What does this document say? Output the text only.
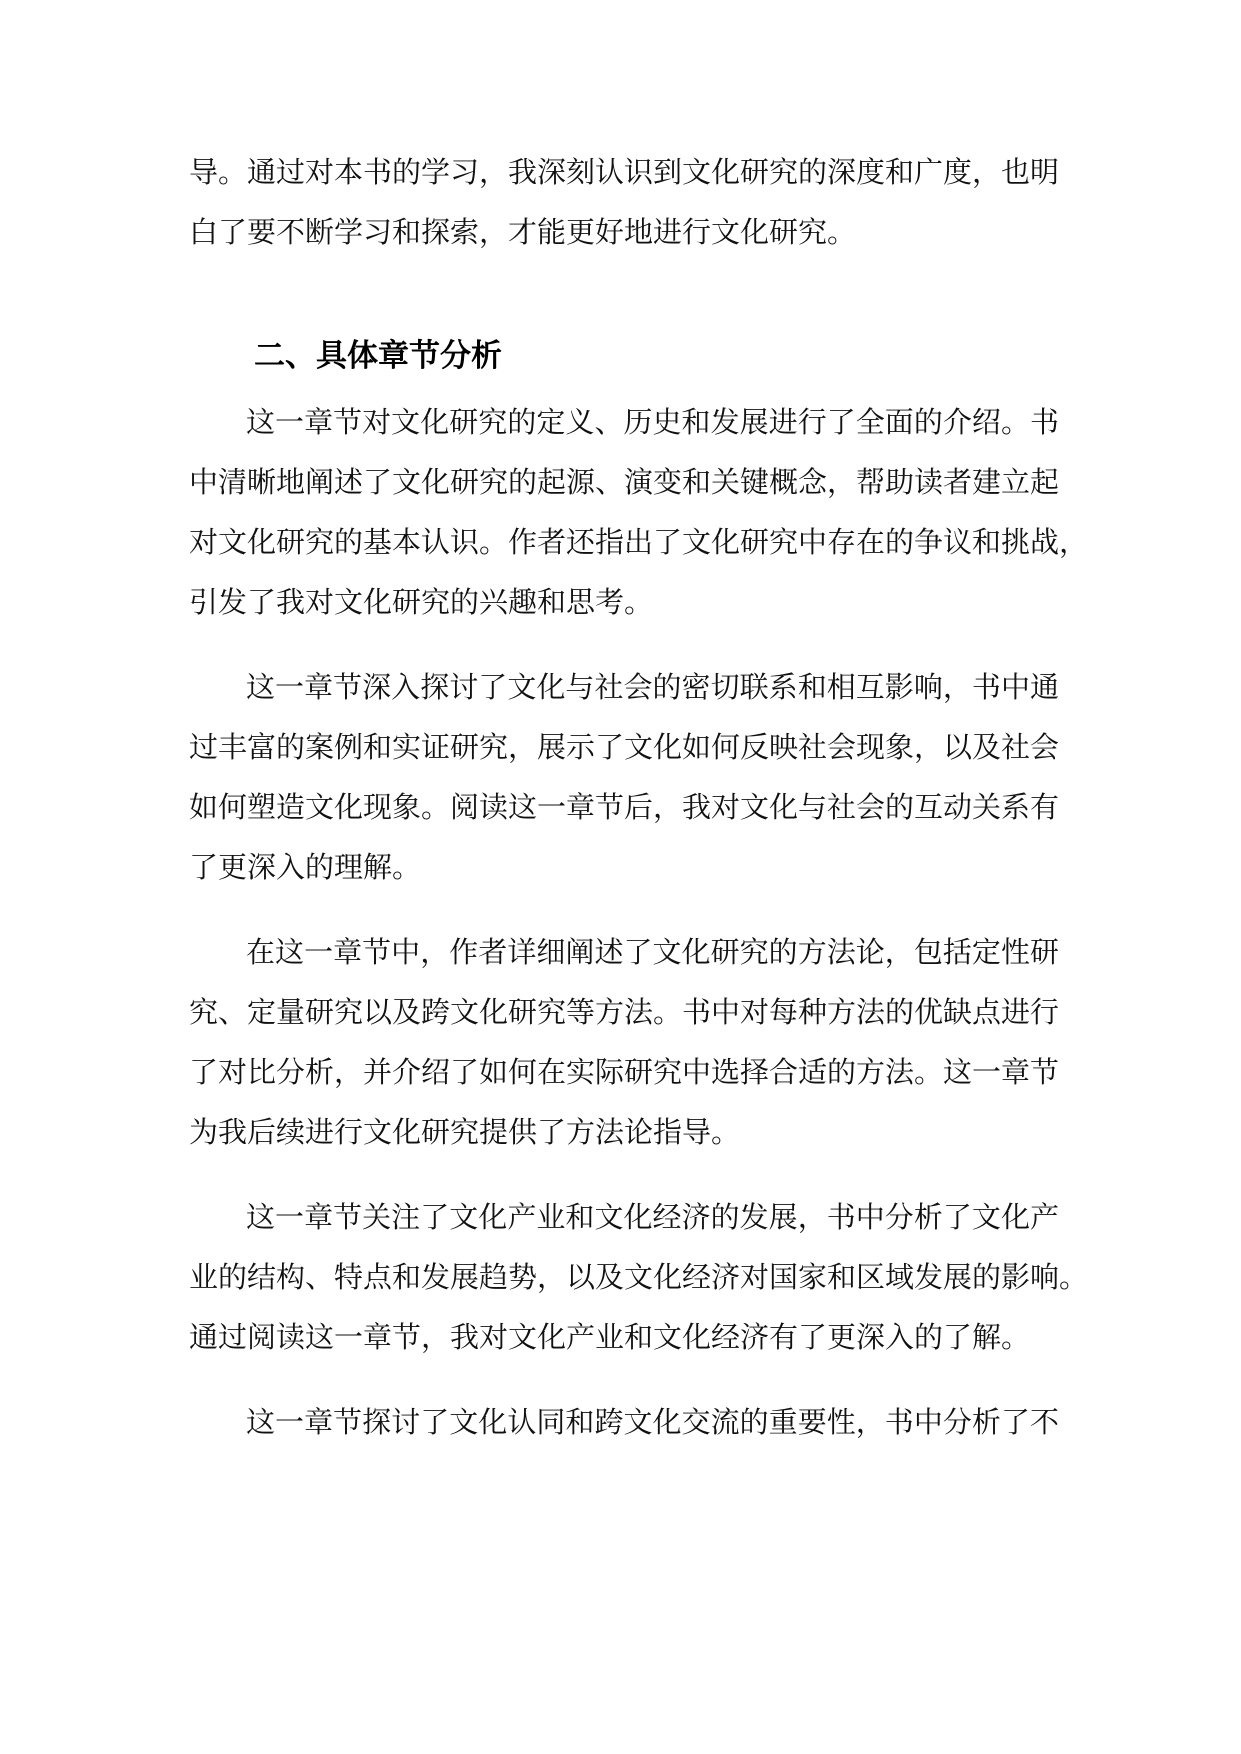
导。通过对本书的学习，我深刻认识到文化研究的深度和广度，也明
白了要不断学习和探索，才能更好地进行文化研究。
二、具体章节分析
这一章节对文化研究的定义、历史和发展进行了全面的介绍。书
中清晰地阐述了文化研究的起源、演变和关键概念，帮助读者建立起
对文化研究的基本认识。作者还指出了文化研究中存在的争议和挑战，
引发了我对文化研究的兴趣和思考。
这一章节深入探讨了文化与社会的密切联系和相互影响，书中通
过丰富的案例和实证研究，展示了文化如何反映社会现象，以及社会
如何塑造文化现象。阅读这一章节后，我对文化与社会的互动关系有
了更深入的理解。
在这一章节中，作者详细阐述了文化研究的方法论，包括定性研
究、定量研究以及跨文化研究等方法。书中对每种方法的优缺点进行
了对比分析，并介绍了如何在实际研究中选择合适的方法。这一章节
为我后续进行文化研究提供了方法论指导。
这一章节关注了文化产业和文化经济的发展，书中分析了文化产
业的结构、特点和发展趋势，以及文化经济对国家和区域发展的影响。
通过阅读这一章节，我对文化产业和文化经济有了更深入的了解。
这一章节探讨了文化认同和跨文化交流的重要性，书中分析了不
